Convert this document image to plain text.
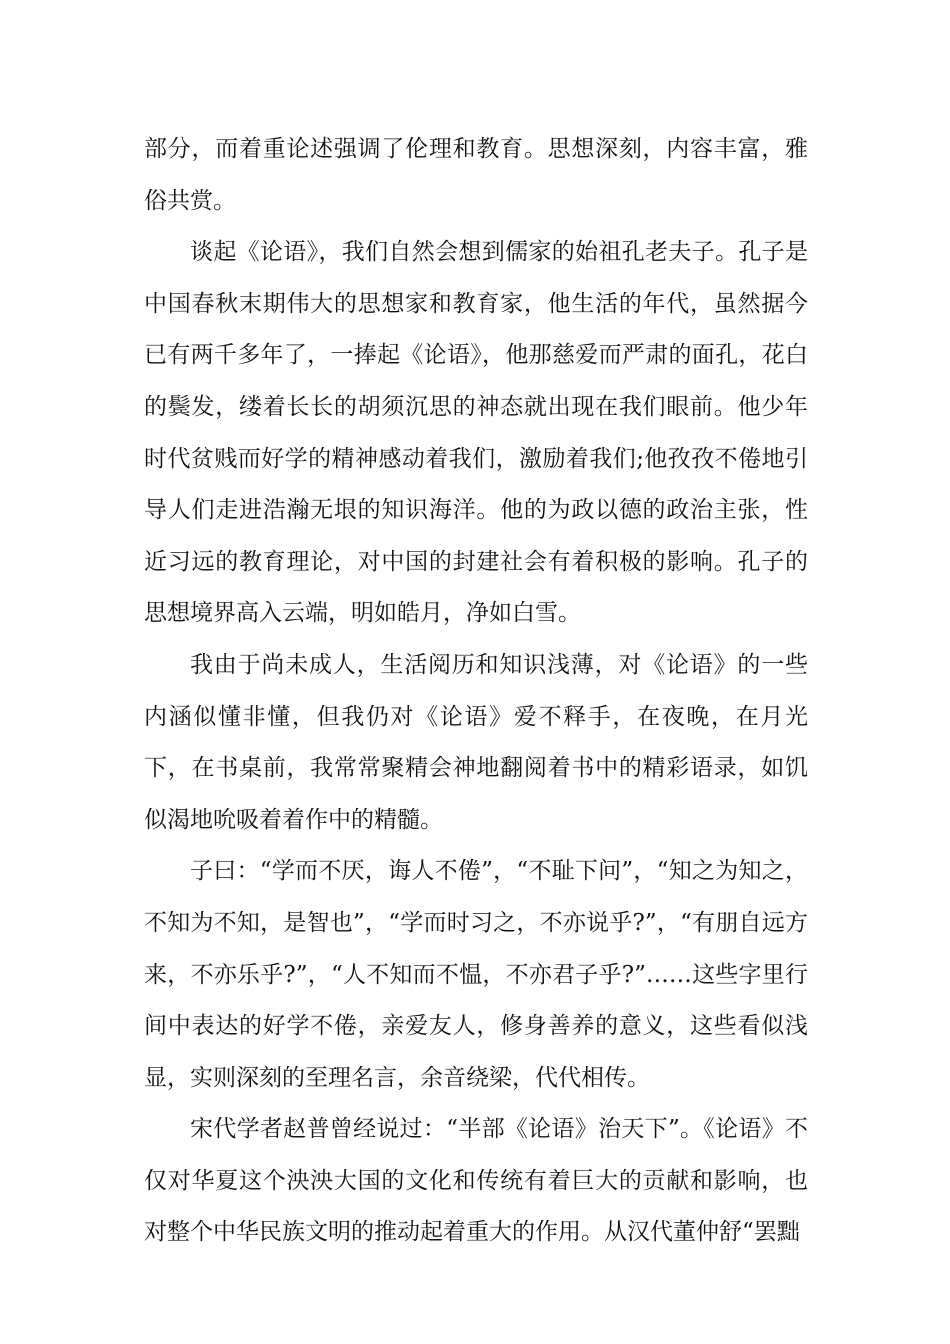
部分，而着重论述强调了伦理和教育。思想深刻，内容丰富，雅俗共赏。

谈起《论语》，我们自然会想到儒家的始祖孔老夫子。孔子是中国春秋末期伟大的思想家和教育家，他生活的年代，虽然据今已有两千多年了，一捧起《论语》，他那慈爱而严肃的面孔，花白的鬓发，缕着长长的胡须沉思的神态就出现在我们眼前。他少年时代贫贱而好学的精神感动着我们，激励着我们;他孜孜不倦地引导人们走进浩瀚无垠的知识海洋。他的为政以德的政治主张，性近习远的教育理论，对中国的封建社会有着积极的影响。孔子的思想境界高入云端，明如皓月，净如白雪。

我由于尚未成人，生活阅历和知识浅薄，对《论语》的一些内涵似懂非懂，但我仍对《论语》爱不释手，在夜晚，在月光下，在书桌前，我常常聚精会神地翻阅着书中的精彩语录，如饥似渴地吮吸着着作中的精髓。

子曰：“学而不厌，诲人不倦”，“不耻下问”，“知之为知之，不知为不知，是智也”，“学而时习之，不亦说乎?”，“有朋自远方来，不亦乐乎?”，“人不知而不愠，不亦君子乎?”……这些字里行间中表达的好学不倦，亲爱友人，修身善养的意义，这些看似浅显，实则深刻的至理名言，余音绕梁，代代相传。

宋代学者赵普曾经说过：“半部《论语》治天下”。《论语》不仅对华夏这个泱泱大国的文化和传统有着巨大的贡献和影响，也对整个中华民族文明的推动起着重大的作用。从汉代董仲舒“罢黜
